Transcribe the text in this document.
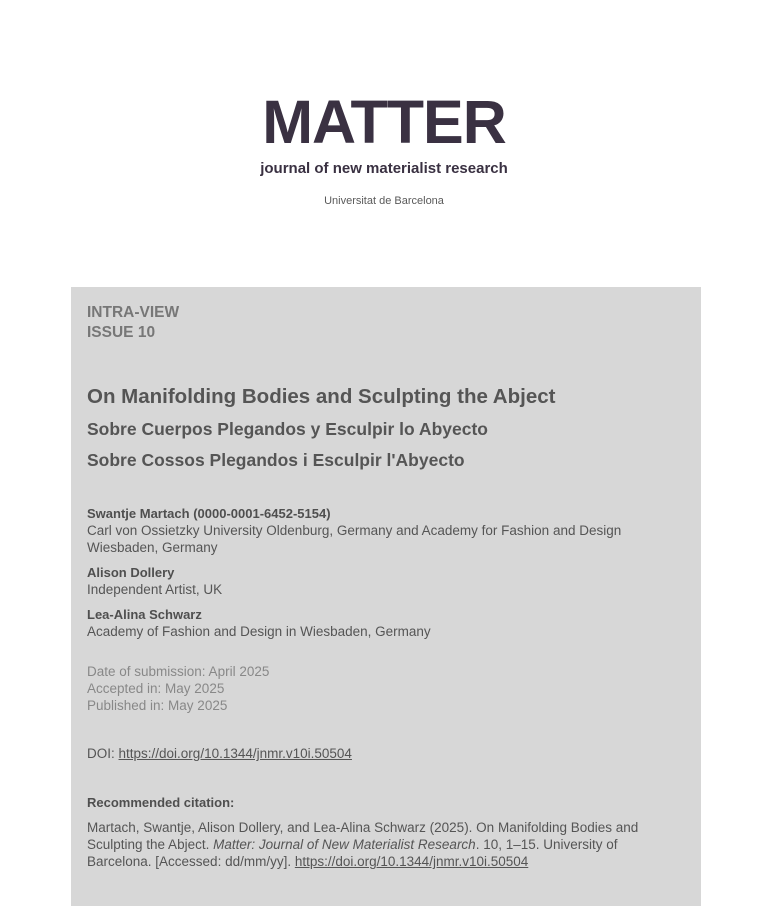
MATTER
journal of new materialist research
Universitat de Barcelona
INTRA-VIEW
ISSUE 10
On Manifolding Bodies and Sculpting the Abject
Sobre Cuerpos Plegandos y Esculpir lo Abyecto
Sobre Cossos Plegandos i Esculpir l'Abyecto
Swantje Martach (0000-0001-6452-5154)
Carl von Ossietzky University Oldenburg, Germany and Academy for Fashion and Design
Wiesbaden, Germany
Alison Dollery
Independent Artist, UK
Lea-Alina Schwarz
Academy of Fashion and Design in Wiesbaden, Germany
Date of submission: April 2025
Accepted in: May 2025
Published in: May 2025
DOI: https://doi.org/10.1344/jnmr.v10i.50504
Recommended citation:
Martach, Swantje, Alison Dollery, and Lea-Alina Schwarz (2025). On Manifolding Bodies and Sculpting the Abject. Matter: Journal of New Materialist Research. 10, 1–15. University of Barcelona. [Accessed: dd/mm/yy]. https://doi.org/10.1344/jnmr.v10i.50504
